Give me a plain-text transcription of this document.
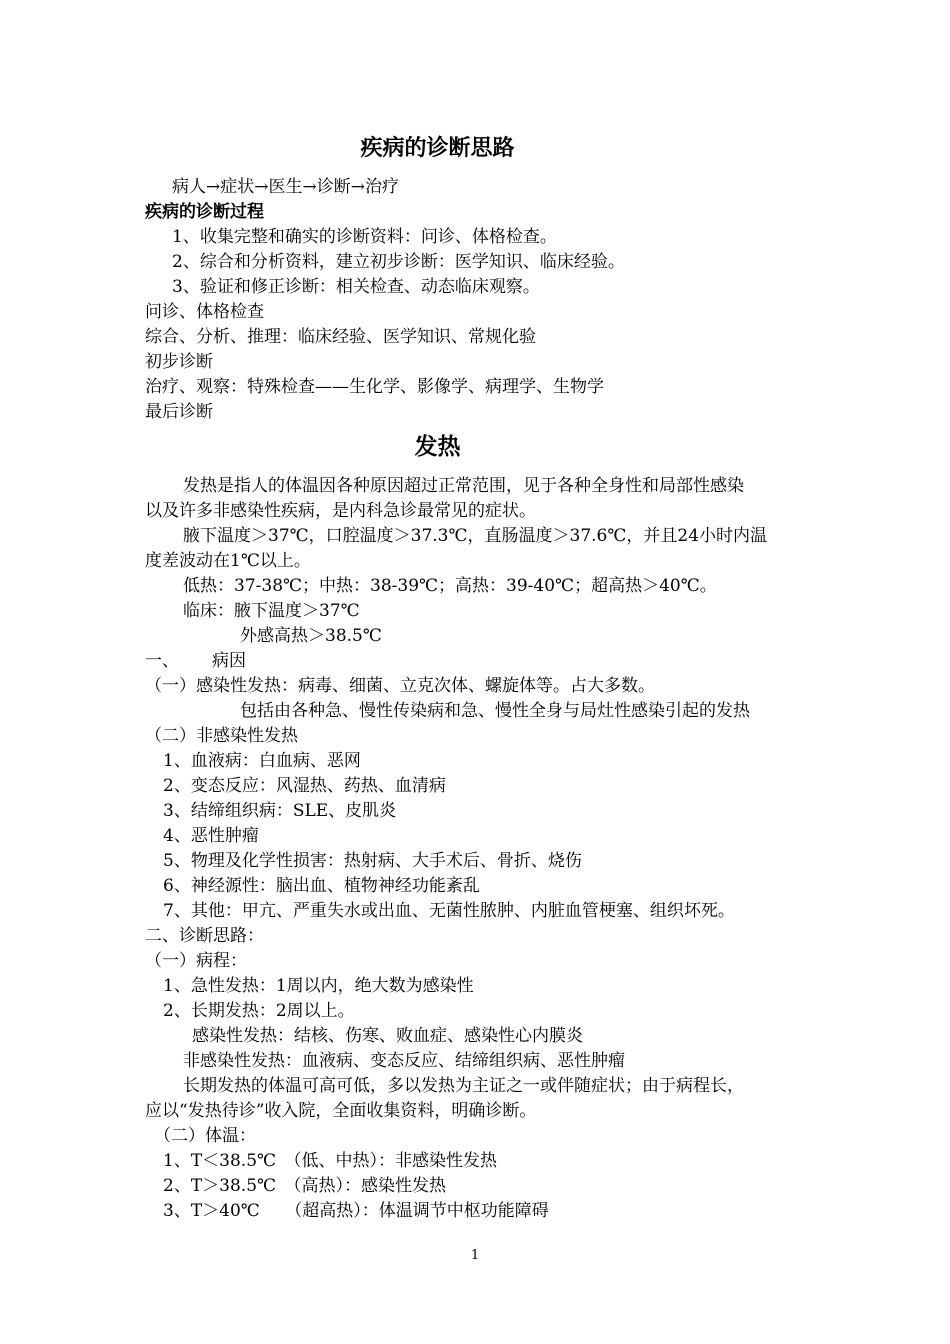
疾病的诊断思路
病人→症状→医生→诊断→治疗
疾病的诊断过程
1、收集完整和确实的诊断资料：问诊、体格检查。
2、综合和分析资料，建立初步诊断：医学知识、临床经验。
3、验证和修正诊断：相关检查、动态临床观察。
问诊、体格检查
综合、分析、推理：临床经验、医学知识、常规化验
初步诊断
治疗、观察：特殊检查——生化学、影像学、病理学、生物学
最后诊断
发热
发热是指人的体温因各种原因超过正常范围，见于各种全身性和局部性感染
以及许多非感染性疾病，是内科急诊最常见的症状。
腋下温度＞37℃，口腔温度＞37.3℃，直肠温度＞37.6℃，并且24小时内温
度差波动在1℃以上。
低热：37-38℃；中热：38-39℃；高热：39-40℃；超高热＞40℃。
临床：腋下温度＞37℃
外感高热＞38.5℃
一、 病因
（一）感染性发热：病毒、细菌、立克次体、螺旋体等。占大多数。
包括由各种急、慢性传染病和急、慢性全身与局灶性感染引起的发热
（二）非感染性发热
1、血液病：白血病、恶网
2、变态反应：风湿热、药热、血清病
3、结缔组织病：SLE、皮肌炎
4、恶性肿瘤
5、物理及化学性损害：热射病、大手术后、骨折、烧伤
6、神经源性：脑出血、植物神经功能紊乱
7、其他：甲亢、严重失水或出血、无菌性脓肿、内脏血管梗塞、组织坏死。
二、诊断思路：
（一）病程：
1、急性发热：1周以内，绝大数为感染性
2、长期发热：2周以上。
感染性发热：结核、伤寒、败血症、感染性心内膜炎
非感染性发热：血液病、变态反应、结缔组织病、恶性肿瘤
长期发热的体温可高可低，多以发热为主证之一或伴随症状；由于病程长，
应以“发热待诊”收入院，全面收集资料，明确诊断。
（二）体温：
1、T＜38.5℃　（低、中热）：非感染性发热
2、T＞38.5℃　（高热）：感染性发热
3、T＞40℃　　（超高热）：体温调节中枢功能障碍
1
